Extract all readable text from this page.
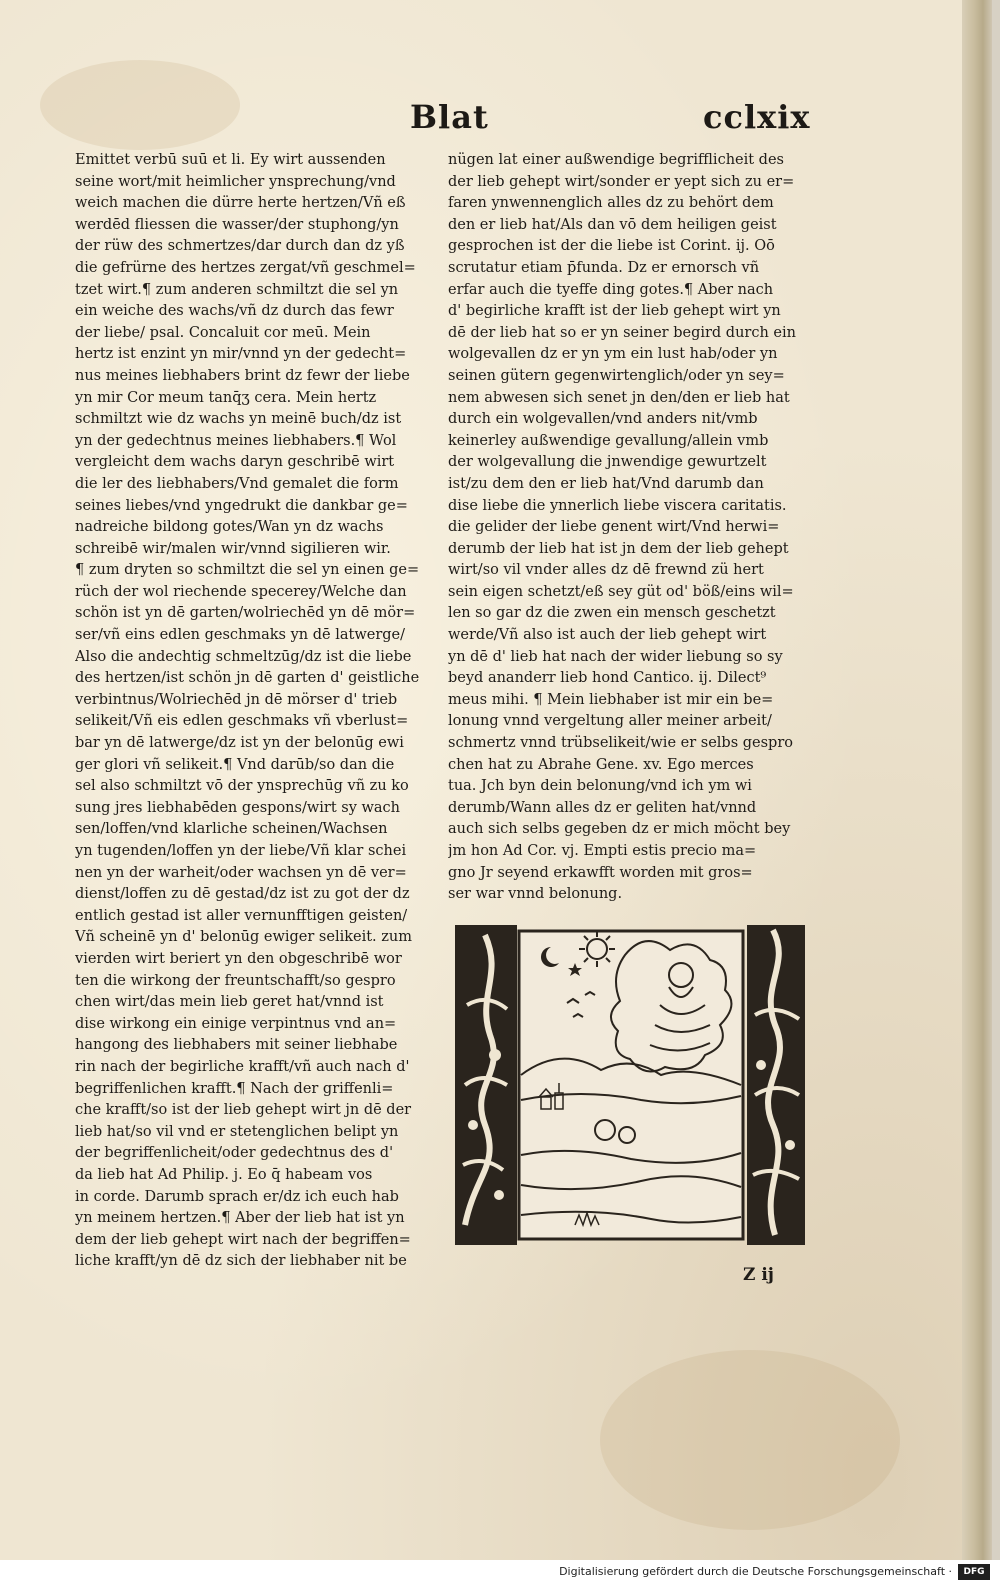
Blat	cclxix
Emittet verbū suū et li. Ey wirt aussenden
seine wort/mit heimlicher ynsprechung/vnd
weich machen die dürre herte hertzen/Vñ eß
werdēd fliessen die wasser/der stuphong/yn
der rüw des schmertzes/dar durch dan dz yß
die gefrürne des hertzes zergat/vñ geschmel=
tzet wirt.¶ zum anderen schmiltzt die sel yn
ein weiche des wachs/vñ dz durch das fewr
der liebe/ psal. Concaluit cor meū. Mein
hertz ist enzint yn mir/vnnd yn der gedecht=
nus meines liebhabers brint dz fewr der liebe
yn mir Cor meum tanq̄ʒ cera. Mein hertz
schmiltzt wie dz wachs yn meinē buch/dz ist
yn der gedechtnus meines liebhabers.¶ Wol
vergleicht dem wachs daryn geschribē wirt
die ler des liebhabers/Vnd gemalet die form
seines liebes/vnd yngedrukt die dankbar ge=
nadreiche bildong gotes/Wan yn dz wachs
schreibē wir/malen wir/vnnd sigilieren wir.
¶ zum dryten so schmiltzt die sel yn einen ge=
rüch der wol riechende specerey/Welche dan
schön ist yn dē garten/wolriechēd yn dē mör=
ser/vñ eins edlen geschmaks yn dē latwerge/
Also die andechtig schmeltzūg/dz ist die liebe
des hertzen/ist schön jn dē garten d' geistliche
verbintnus/Wolriechēd jn dē mörser d' trieb
selikeit/Vñ eis edlen geschmaks vñ vberlust=
bar yn dē latwerge/dz ist yn der belonūg ewi
ger glori vñ selikeit.¶ Vnd darūb/so dan die
sel also schmiltzt vō der ynsprechūg vñ zu ko
sung jres liebhabēden gespons/wirt sy wach
sen/loffen/vnd klarliche scheinen/Wachsen
yn tugenden/loffen yn der liebe/Vñ klar schei
nen yn der warheit/oder wachsen yn dē ver=
dienst/loffen zu dē gestad/dz ist zu got der dz
entlich gestad ist aller vernunfftigen geisten/
Vñ scheinē yn d' belonūg ewiger selikeit. zum
vierden wirt beriert yn den obgeschribē wor
ten die wirkong der freuntschafft/so gespro
chen wirt/das mein lieb geret hat/vnnd ist
dise wirkong ein einige verpintnus vnd an=
hangong des liebhabers mit seiner liebhabe
rin nach der begirliche krafft/vñ auch nach d'
begriffenlichen krafft.¶ Nach der griffenli=
che krafft/so ist der lieb gehept wirt jn dē der
lieb hat/so vil vnd er stetenglichen belipt yn
der begriffenlicheit/oder gedechtnus des d'
da lieb hat Ad Philip. j. Eo q̄ habeam vos
in corde. Darumb sprach er/dz ich euch hab
yn meinem hertzen.¶ Aber der lieb hat ist yn
dem der lieb gehept wirt nach der begriffen=
liche krafft/yn dē dz sich der liebhaber nit be
nügen lat einer außwendige begrifflicheit des
der lieb gehept wirt/sonder er yept sich zu er=
faren ynwennenglich alles dz zu behört dem
den er lieb hat/Als dan vō dem heiligen geist
gesprochen ist der die liebe ist Corint. ij. Oō
scrutatur etiam p̄funda. Dz er ernorsch vñ
erfar auch die tyeffe ding gotes.¶ Aber nach
d' begirliche krafft ist der lieb gehept wirt yn
dē der lieb hat so er yn seiner begird durch ein
wolgevallen dz er yn ym ein lust hab/oder yn
seinen gütern gegenwirtenglich/oder yn sey=
nem abwesen sich senet jn den/den er lieb hat
durch ein wolgevallen/vnd anders nit/vmb
keinerley außwendige gevallung/allein vmb
der wolgevallung die jnwendige gewurtzelt
ist/zu dem den er lieb hat/Vnd darumb dan
dise liebe die ynnerlich liebe viscera caritatis.
die gelider der liebe genent wirt/Vnd herwi=
derumb der lieb hat ist jn dem der lieb gehept
wirt/so vil vnder alles dz dē frewnd zü hert
sein eigen schetzt/eß sey güt od' böß/eins wil=
len so gar dz die zwen ein mensch geschetzt
werde/Vñ also ist auch der lieb gehept wirt
yn dē d' lieb hat nach der wider liebung so sy
beyd ananderr lieb hond Cantico. ij. Dilect⁹
meus mihi. ¶ Mein liebhaber ist mir ein be=
lonung vnnd vergeltung aller meiner arbeit/
schmertz vnnd trübselikeit/wie er selbs gespro
chen hat zu Abrahe Gene. xv. Ego merces
tua. Jch byn dein belonung/vnd ich ym wi
derumb/Wann alles dz er geliten hat/vnnd
auch sich selbs gegeben dz er mich möcht bey
jm hon Ad Cor. vj. Empti estis precio ma=
gno Jr seyend erkawfft worden mit gros=
ser war vnnd belonung.
Z ij
Digitalisierung gefördert durch die Deutsche Forschungsgemeinschaft ·	DFG
